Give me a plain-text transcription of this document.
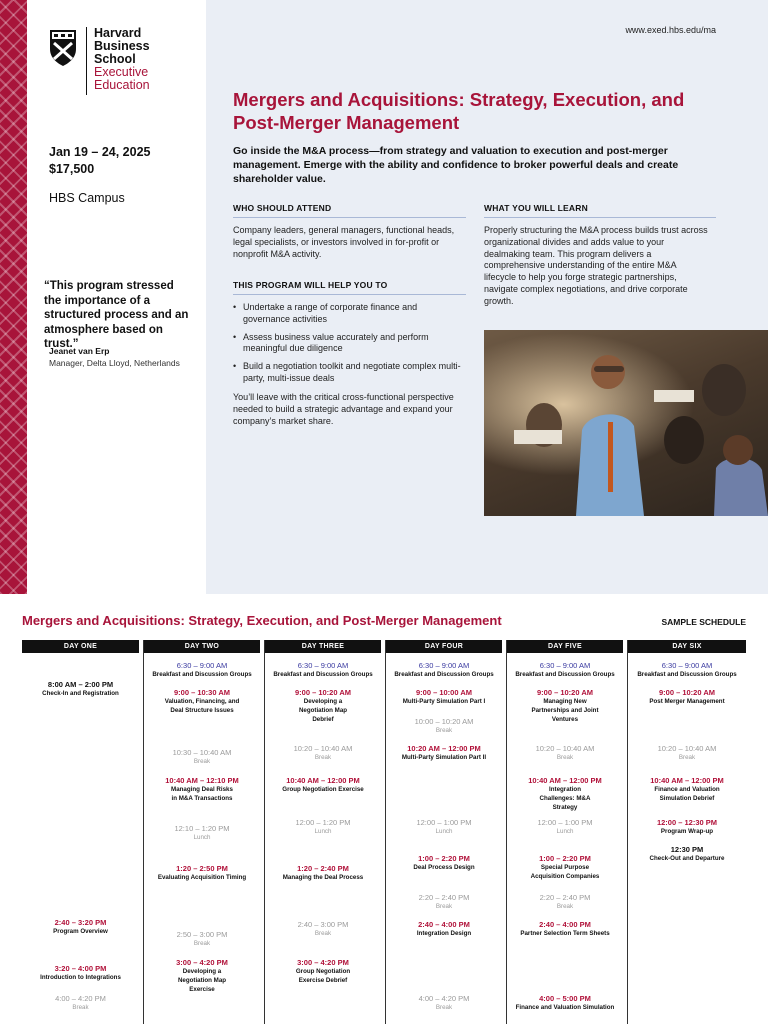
Harvard
Business
School
Executive
Education
www.exed.hbs.edu/ma
Mergers and Acquisitions: Strategy, Execution, and Post-Merger Management
Go inside the M&A process—from strategy and valuation to execution and post-merger management. Emerge with the ability and confidence to broker powerful deals and create shareholder value.
Jan 19 – 24, 2025
$17,500
HBS Campus
“This program stressed the importance of a structured process and an atmosphere based on trust.”
Jeanet van Erp
Manager, Delta Lloyd, Netherlands
WHO SHOULD ATTEND
Company leaders, general managers, functional heads, legal specialists, or investors involved in for-profit or nonprofit M&A activity.
THIS PROGRAM WILL HELP YOU TO
• Undertake a range of corporate finance and governance activities
• Assess business value accurately and perform meaningful due diligence
• Build a negotiation toolkit and negotiate complex multi-party, multi-issue deals
You’ll leave with the critical cross-functional perspective needed to build a strategic advantage and expand your company’s market share.
WHAT YOU WILL LEARN
Properly structuring the M&A process builds trust across organizational divides and adds value to your dealmaking team. This program delivers a comprehensive understanding of the entire M&A lifecycle to help you forge strategic partnerships, navigate complex negotiations, and drive corporate growth.
Mergers and Acquisitions: Strategy, Execution, and Post-Merger Management	SAMPLE SCHEDULE
DAY ONE
8:00 AM – 2:00 PM
Check-In and Registration
2:40 – 3:20 PM
Program Overview
3:20 – 4:00 PM
Introduction to Integrations
4:00 – 4:20 PM
Break
DAY TWO
6:30 – 9:00 AM
Breakfast and Discussion Groups
9:00 – 10:30 AM
Valuation, Financing, and Deal Structure Issues
10:30 – 10:40 AM
Break
10:40 AM – 12:10 PM
Managing Deal Risks in M&A Transactions
12:10 – 1:20 PM
Lunch
1:20 – 2:50 PM
Evaluating Acquisition Timing
2:50 – 3:00 PM
Break
3:00 – 4:20 PM
Developing a Negotiation Map Exercise
DAY THREE
6:30 – 9:00 AM
Breakfast and Discussion Groups
9:00 – 10:20 AM
Developing a Negotiation Map Debrief
10:20 – 10:40 AM
Break
10:40 AM – 12:00 PM
Group Negotiation Exercise
12:00 – 1:20 PM
Lunch
1:20 – 2:40 PM
Managing the Deal Process
2:40 – 3:00 PM
Break
3:00 – 4:20 PM
Group Negotiation Exercise Debrief
DAY FOUR
6:30 – 9:00 AM
Breakfast and Discussion Groups
9:00 – 10:00 AM
Multi-Party Simulation Part I
10:00 – 10:20 AM
Break
10:20 AM – 12:00 PM
Multi-Party Simulation Part II
12:00 – 1:00 PM
Lunch
1:00 – 2:20 PM
Deal Process Design
2:20 – 2:40 PM
Break
2:40 – 4:00 PM
Integration Design
4:00 – 4:20 PM
Break
DAY FIVE
6:30 – 9:00 AM
Breakfast and Discussion Groups
9:00 – 10:20 AM
Managing New Partnerships and Joint Ventures
10:20 – 10:40 AM
Break
10:40 AM – 12:00 PM
Integration Challenges: M&A Strategy
12:00 – 1:00 PM
Lunch
1:00 – 2:20 PM
Special Purpose Acquisition Companies
2:20 – 2:40 PM
Break
2:40 – 4:00 PM
Partner Selection Term Sheets
4:00 – 5:00 PM
Finance and Valuation Simulation
DAY SIX
6:30 – 9:00 AM
Breakfast and Discussion Groups
9:00 – 10:20 AM
Post Merger Management
10:20 – 10:40 AM
Break
10:40 AM – 12:00 PM
Finance and Valuation Simulation Debrief
12:00 – 12:30 PM
Program Wrap-up
12:30 PM
Check-Out and Departure
